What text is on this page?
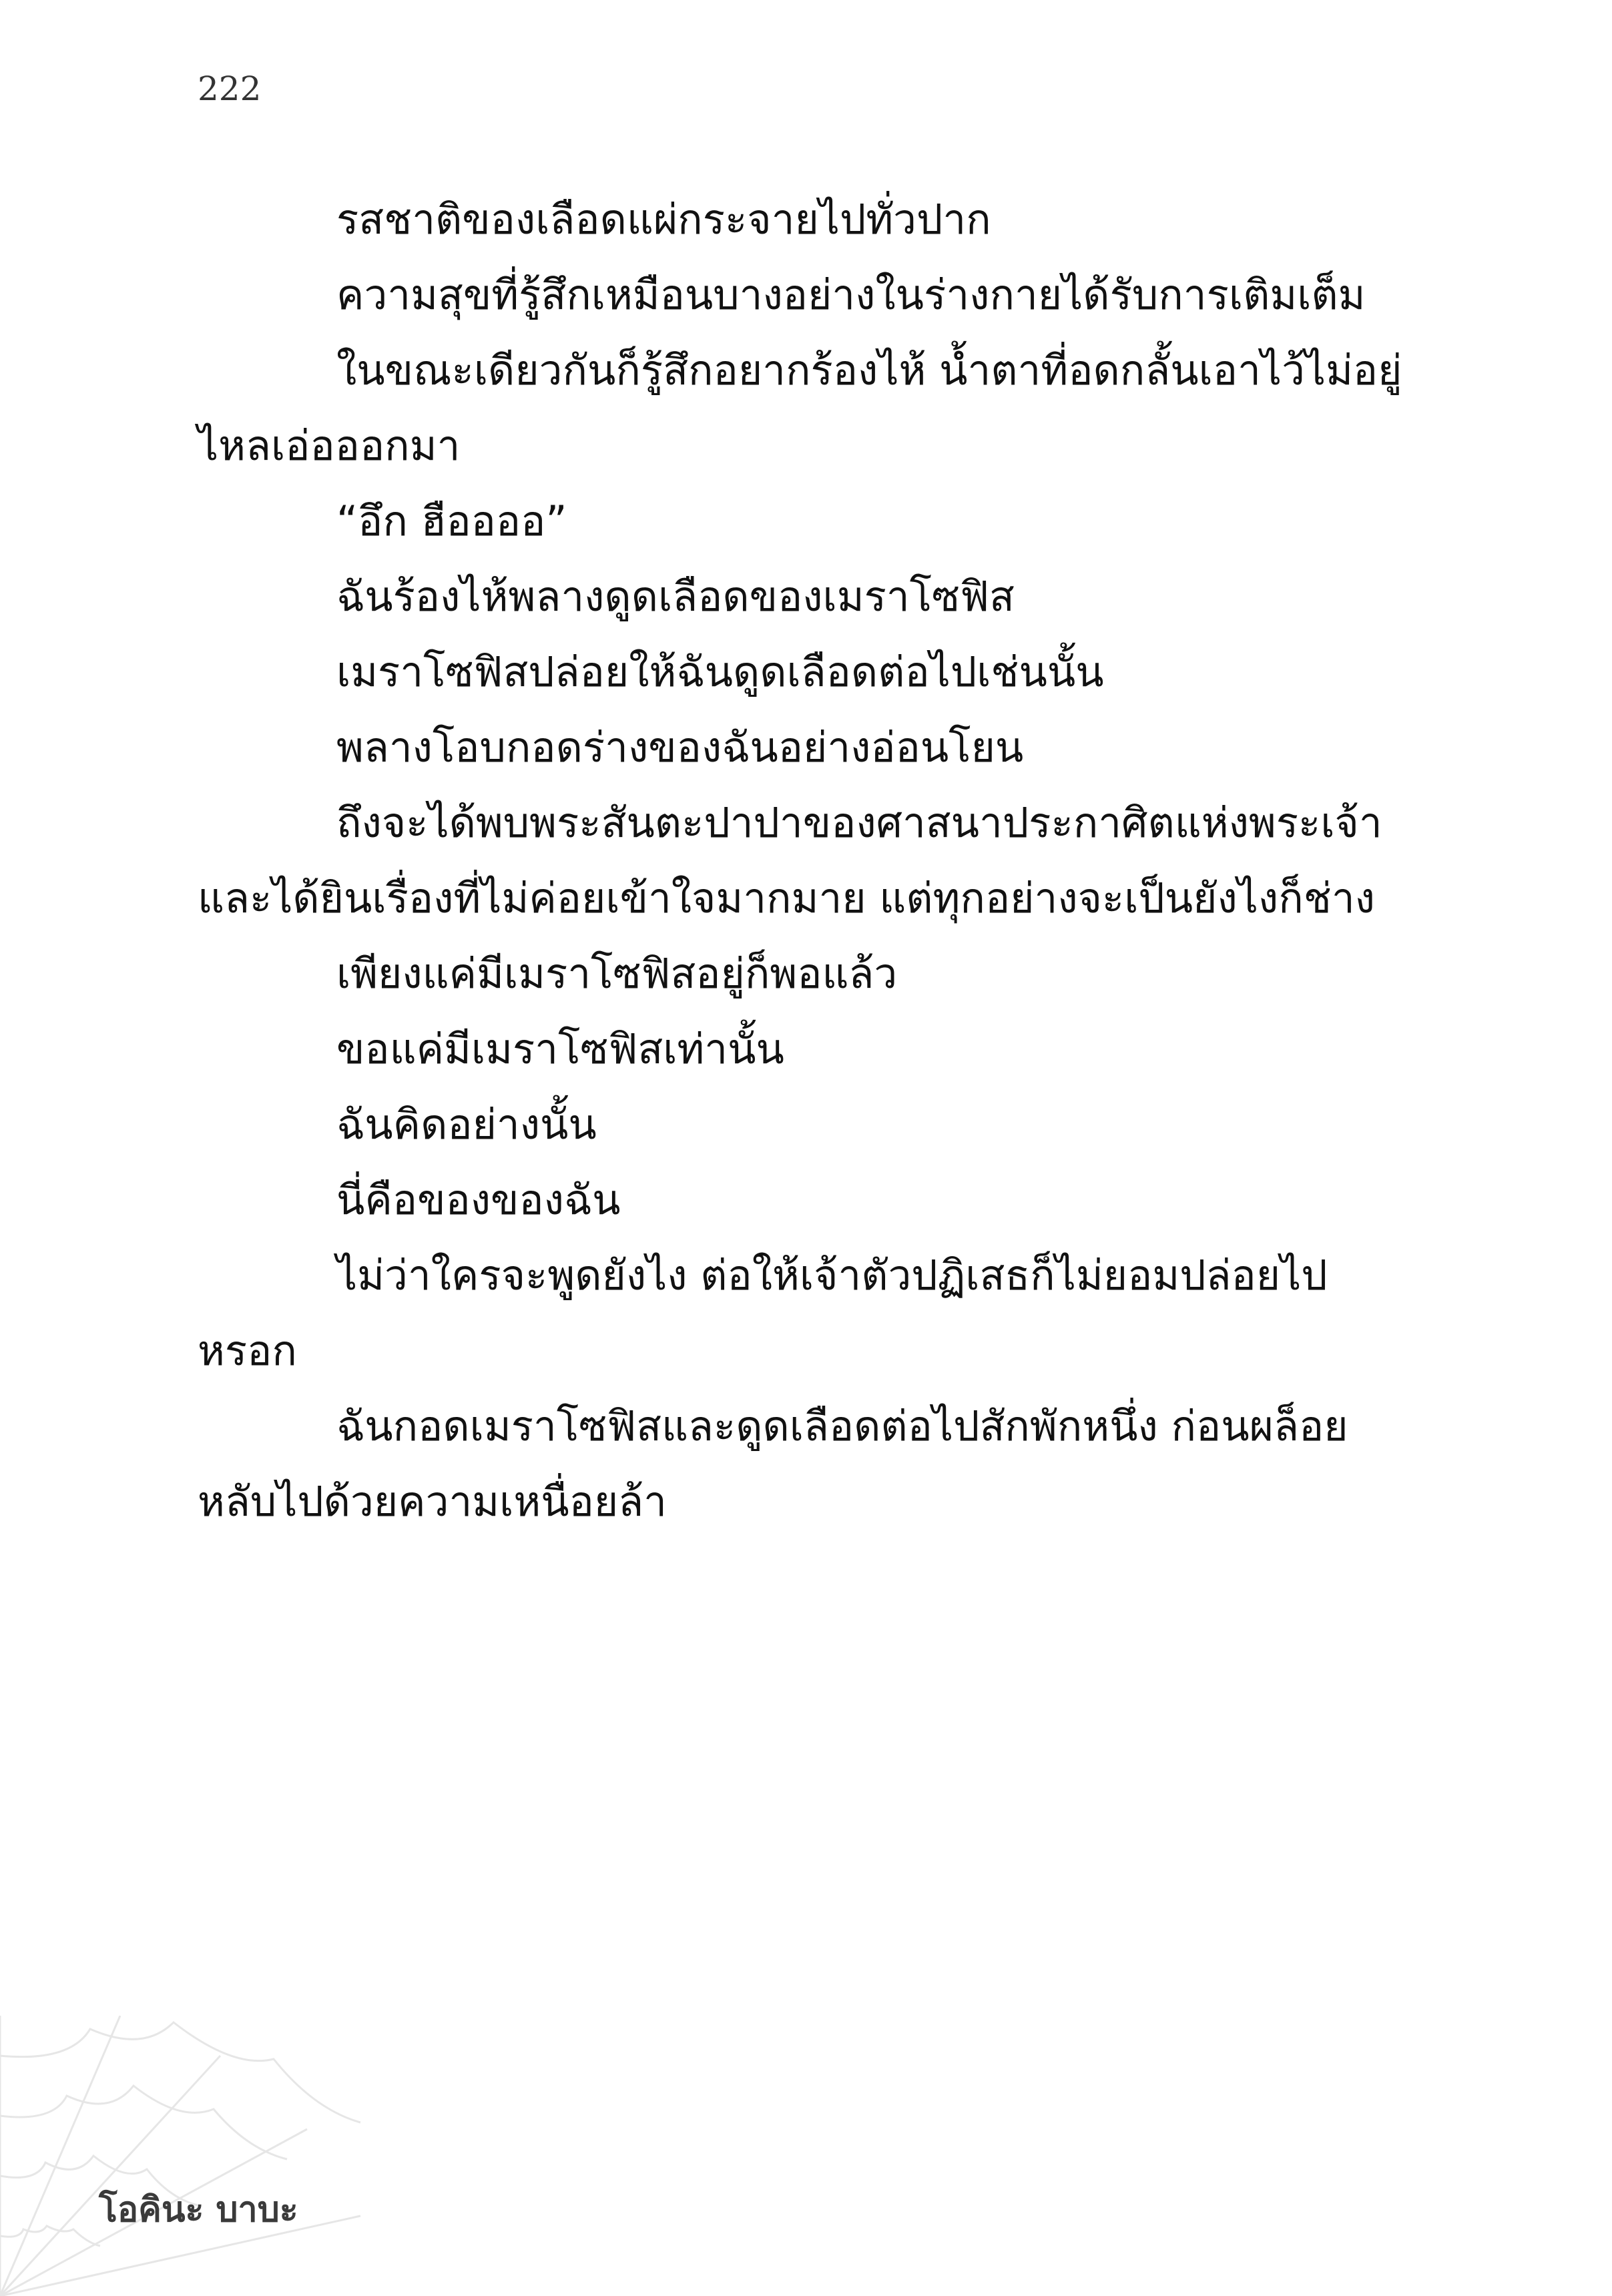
222

รสชาติของเลือดแผ่กระจายไปทั่วปาก

ความสุขที่รู้สึกเหมือนบางอย่างในร่างกายได้รับการเติมเต็ม

ในขณะเดียวกันก็รู้สึกอยากร้องไห้ น้ำตาที่อดกลั้นเอาไว้ไม่อยู่ไหลเอ่อออกมา

“อึก ฮืออออ”

ฉันร้องไห้พลางดูดเลือดของเมราโซฟิส

เมราโซฟิสปล่อยให้ฉันดูดเลือดต่อไปเช่นนั้น

พลางโอบกอดร่างของฉันอย่างอ่อนโยน

ถึงจะได้พบพระสันตะปาปาของศาสนาประกาศิตแห่งพระเจ้าและได้ยินเรื่องที่ไม่ค่อยเข้าใจมากมาย แต่ทุกอย่างจะเป็นยังไงก็ช่าง

เพียงแค่มีเมราโซฟิสอยู่ก็พอแล้ว

ขอแค่มีเมราโซฟิสเท่านั้น

ฉันคิดอย่างนั้น

นี่คือของของฉัน

ไม่ว่าใครจะพูดยังไง ต่อให้เจ้าตัวปฏิเสธก็ไม่ยอมปล่อยไปหรอก

ฉันกอดเมราโซฟิสและดูดเลือดต่อไปสักพักหนึ่ง ก่อนผล็อยหลับไปด้วยความเหนื่อยล้า

โอคินะ บาบะ
